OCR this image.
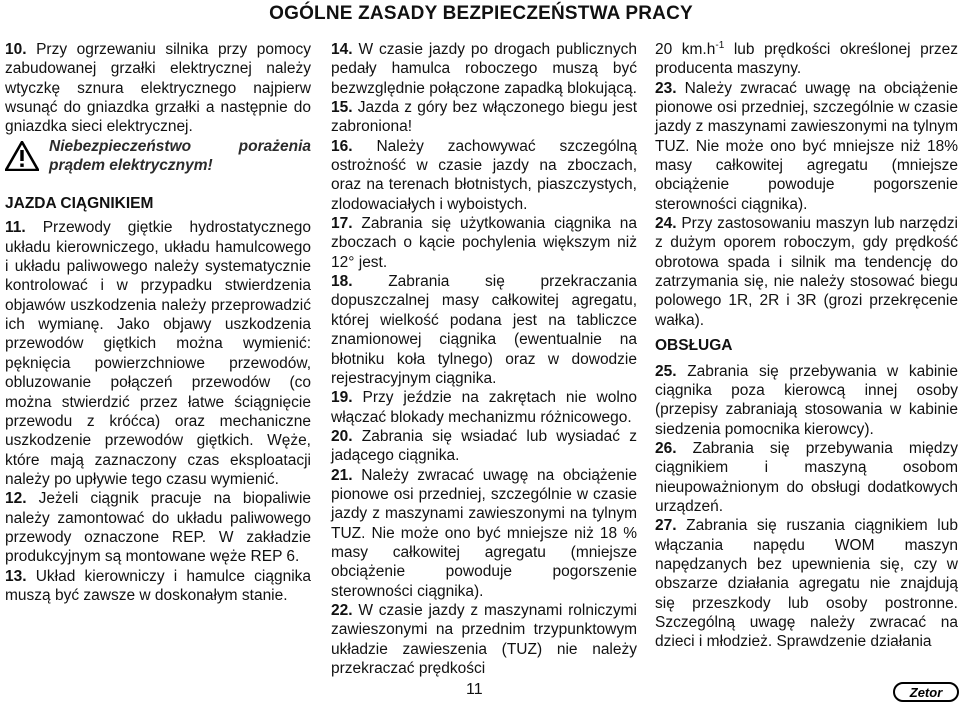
OGÓLNE ZASADY BEZPIECZEŃSTWA PRACY

10. Przy ogrzewaniu silnika przy pomocy zabudowanej grzałki elektrycznej należy wtyczkę sznura elektrycznego najpierw wsunąć do gniazdka grzałki a następnie do gniazdka sieci elektrycznej.

Niebezpieczeństwo porażenia prądem elektrycznym!

JAZDA CIĄGNIKIEM

11. Przewody giętkie hydrostatycznego układu kierowniczego, układu hamulcowego i układu paliwowego należy systematycznie kontrolować i w przypadku stwierdzenia objawów uszkodzenia należy przeprowadzić ich wymianę. Jako objawy uszkodzenia przewodów giętkich można wymienić: pęknięcia powierzchniowe przewodów, obluzowanie połączeń przewodów (co można stwierdzić przez łatwe ściągnięcie przewodu z króćca) oraz mechaniczne uszkodzenie przewodów giętkich. Węże, które mają zaznaczony czas eksploatacji należy po upływie tego czasu wymienić.

12. Jeżeli ciągnik pracuje na biopaliwie należy zamontować do układu paliwowego przewody oznaczone REP. W zakładzie produkcyjnym są montowane węże REP 6.

13. Układ kierowniczy i hamulce ciągnika muszą być zawsze w doskonałym stanie.

14. W czasie jazdy po drogach publicznych pedały hamulca roboczego muszą być bezwzględnie połączone zapadką blokującą.

15. Jazda z góry bez włączonego biegu jest zabroniona!

16. Należy zachowywać szczególną ostrożność w czasie jazdy na zboczach, oraz na terenach błotnistych, piaszczystych, zlodowaciałych i wyboistych.

17. Zabrania się użytkowania ciągnika na zboczach o kącie pochylenia większym niż 12° jest.

18. Zabrania się przekraczania dopuszczalnej masy całkowitej agregatu, której wielkość podana jest na tabliczce znamionowej ciągnika (ewentualnie na błotniku koła tylnego) oraz w dowodzie rejestracyjnym ciągnika.

19. Przy jeździe na zakrętach nie wolno włączać blokady mechanizmu różnicowego.

20. Zabrania się wsiadać lub wysiadać z jadącego ciągnika.

21. Należy zwracać uwagę na obciążenie pionowe osi przedniej, szczególnie w czasie jazdy z maszynami zawieszonymi na tylnym TUZ. Nie może ono być mniejsze niż 18 % masy całkowitej agregatu (mniejsze obciążenie powoduje pogorszenie sterowności ciągnika).

22. W czasie jazdy z maszynami rolniczymi zawieszonymi na przednim trzypunktowym układzie zawieszenia (TUZ) nie należy przekraczać prędkości

20 $km.h^{-1}$ lub prędkości określonej przez producenta maszyny.

23. Należy zwracać uwagę na obciążenie pionowe osi przedniej, szczególnie w czasie jazdy z maszynami zawieszonymi na tylnym TUZ. Nie może ono być mniejsze niż 18% masy całkowitej agregatu (mniejsze obciążenie powoduje pogorszenie sterowności ciągnika).

24. Przy zastosowaniu maszyn lub narzędzi z dużym oporem roboczym, gdy prędkość obrotowa spada i silnik ma tendencję do zatrzymania się, nie należy stosować biegu polowego 1R, 2R i 3R (grozi przekręcenie wałka).

OBSŁUGA

25. Zabrania się przebywania w kabinie ciągnika poza kierowcą innej osoby (przepisy zabraniają stosowania w kabinie siedzenia pomocnika kierowcy).

26. Zabrania się przebywania między ciągnikiem i maszyną osobom nieupoważnionym do obsługi dodatkowych urządzeń.

27. Zabrania się ruszania ciągnikiem lub włączania napędu WOM maszyn napędzanych bez upewnienia się, czy w obszarze działania agregatu nie znajdują się przeszkody lub osoby postronne. Szczególną uwagę należy zwracać na dzieci i młodzież. Sprawdzenie działania

11	Zetor
